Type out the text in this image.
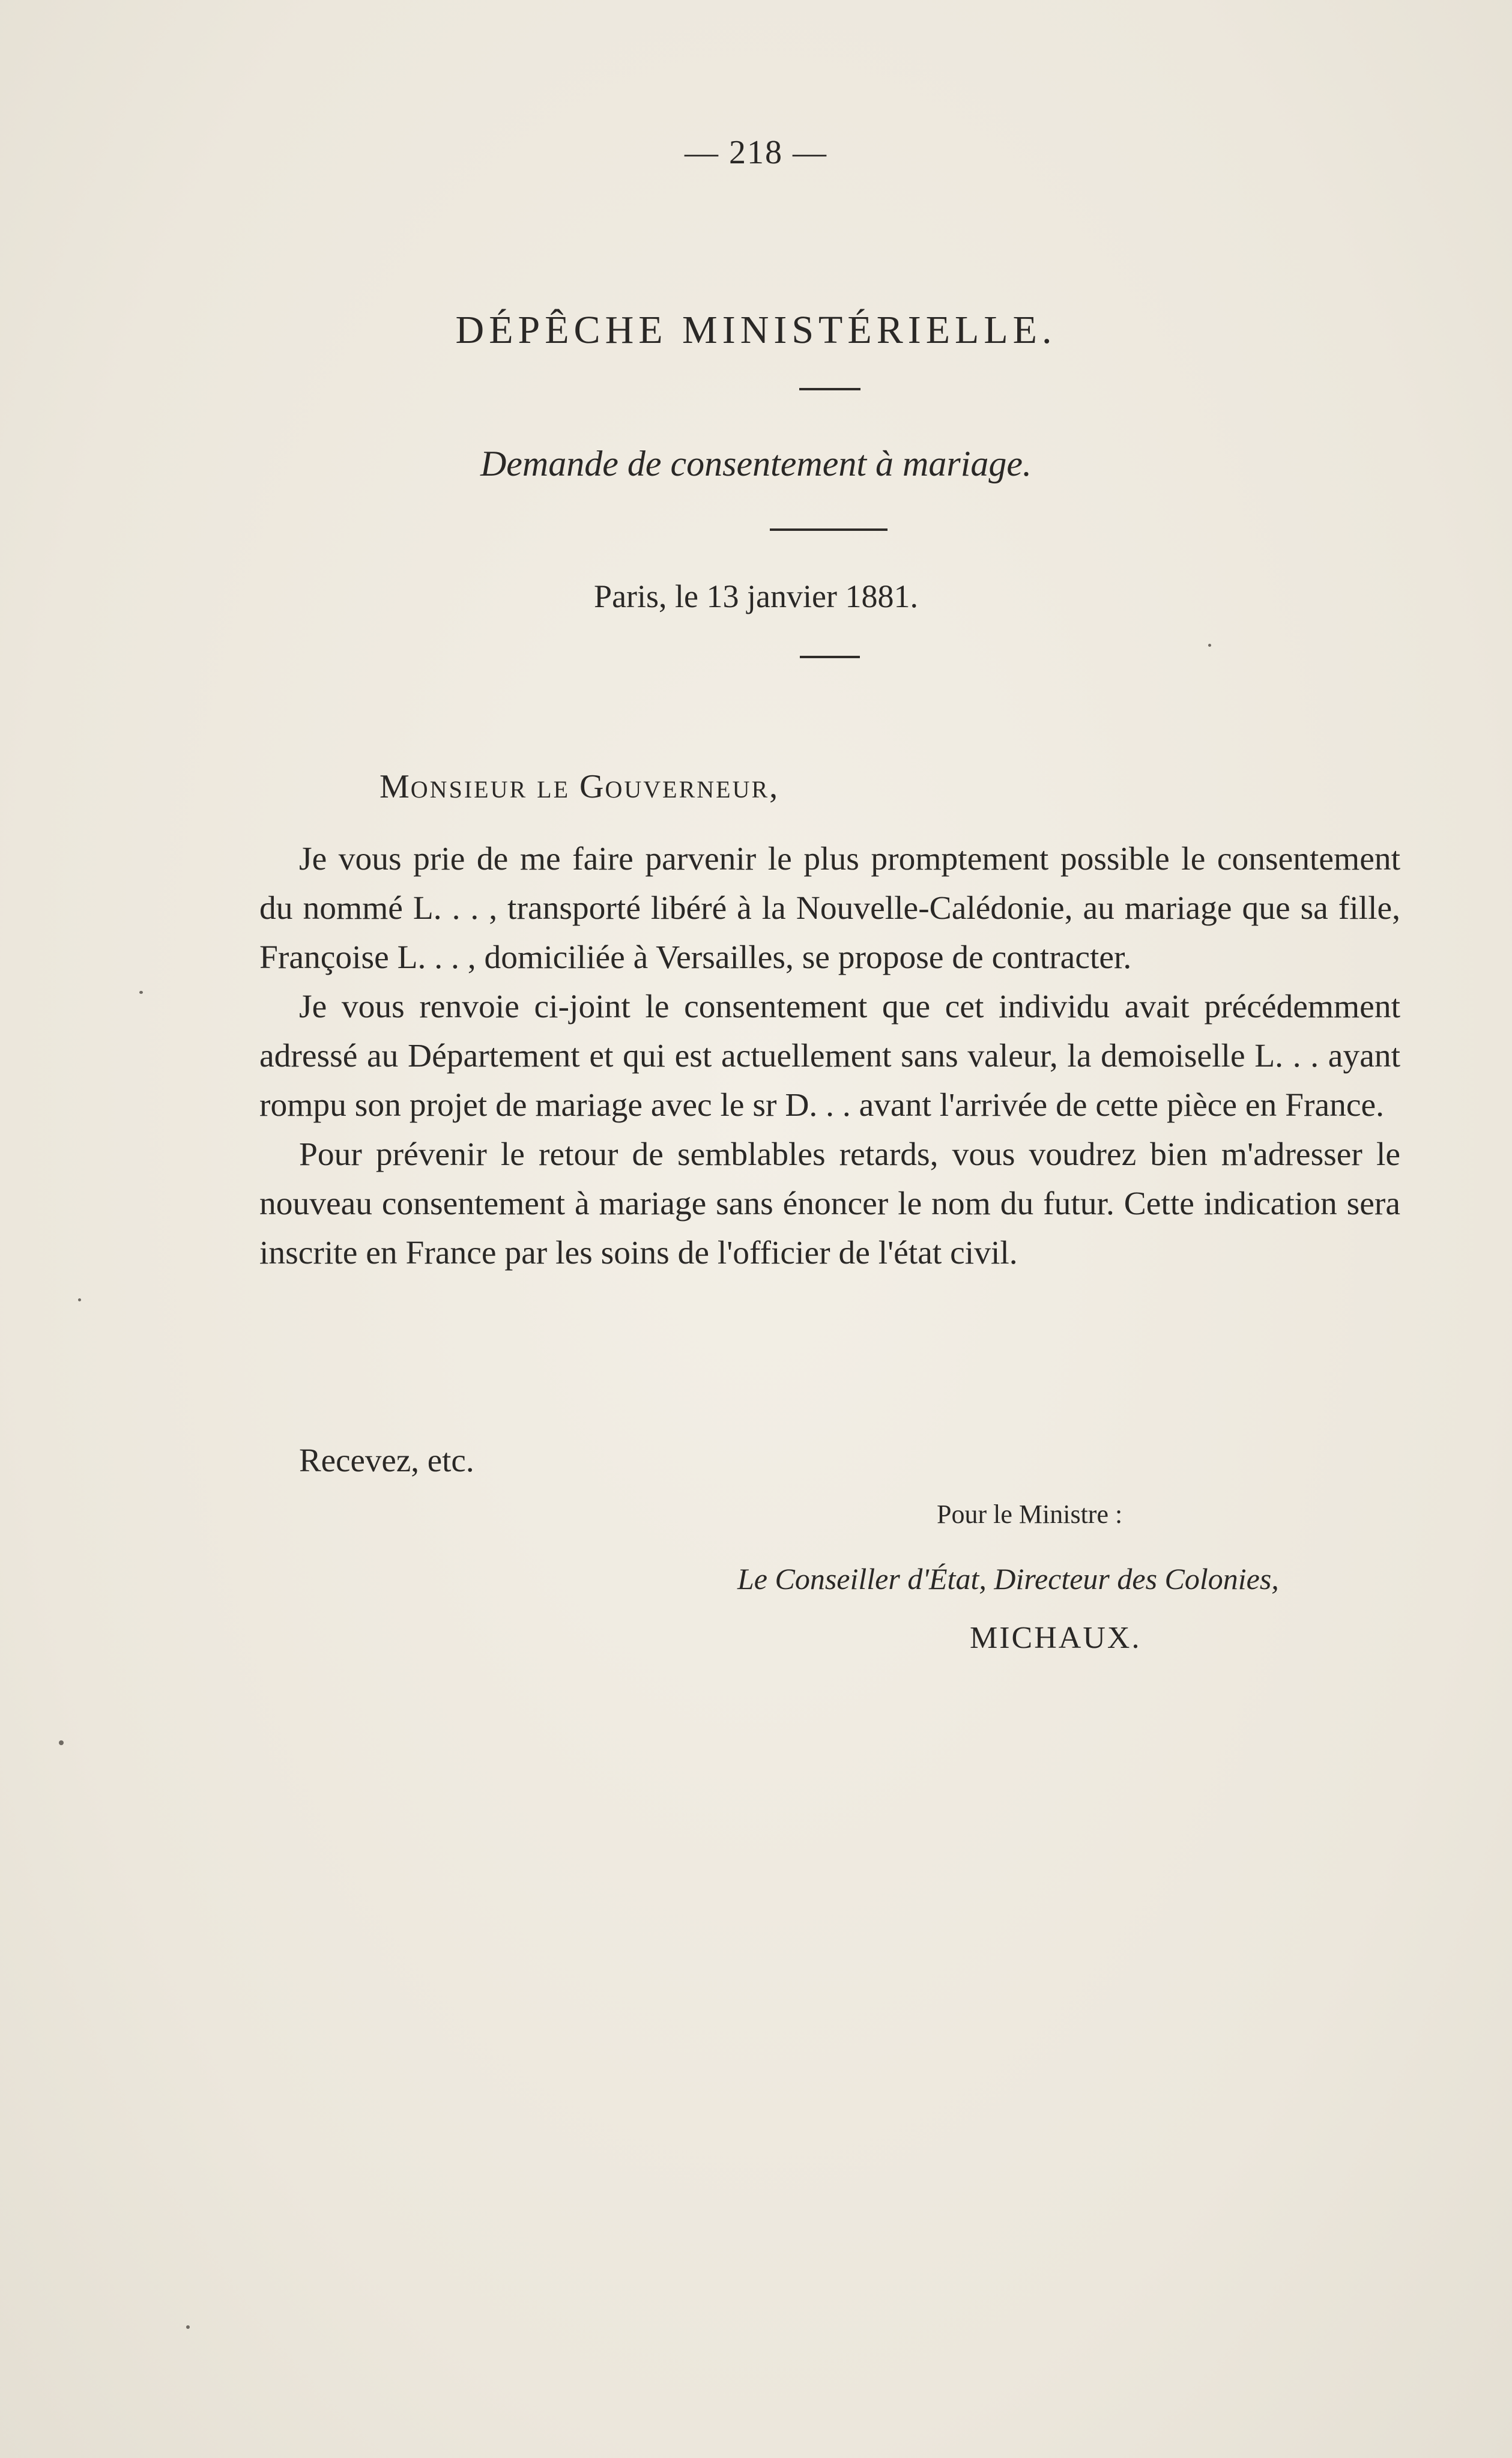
— 218 —
DÉPÊCHE MINISTÉRIELLE.
Demande de consentement à mariage.
Paris, le 13 janvier 1881.
MONSIEUR LE GOUVERNEUR,

Je vous prie de me faire parvenir le plus promptement possible le consentement du nommé L. . . , transporté libéré à la Nouvelle-Calédonie, au mariage que sa fille, Françoise L. . . , domiciliée à Versailles, se propose de contracter.

Je vous renvoie ci-joint le consentement que cet individu avait précédemment adressé au Département et qui est actuellement sans valeur, la demoiselle L. . . ayant rompu son projet de mariage avec le sr D. . . avant l'arrivée de cette pièce en France.

Pour prévenir le retour de semblables retards, vous voudrez bien m'adresser le nouveau consentement à mariage sans énoncer le nom du futur. Cette indication sera inscrite en France par les soins de l'officier de l'état civil.

Recevez, etc.
Pour le Ministre :
Le Conseiller d'État, Directeur des Colonies,
MICHAUX.
